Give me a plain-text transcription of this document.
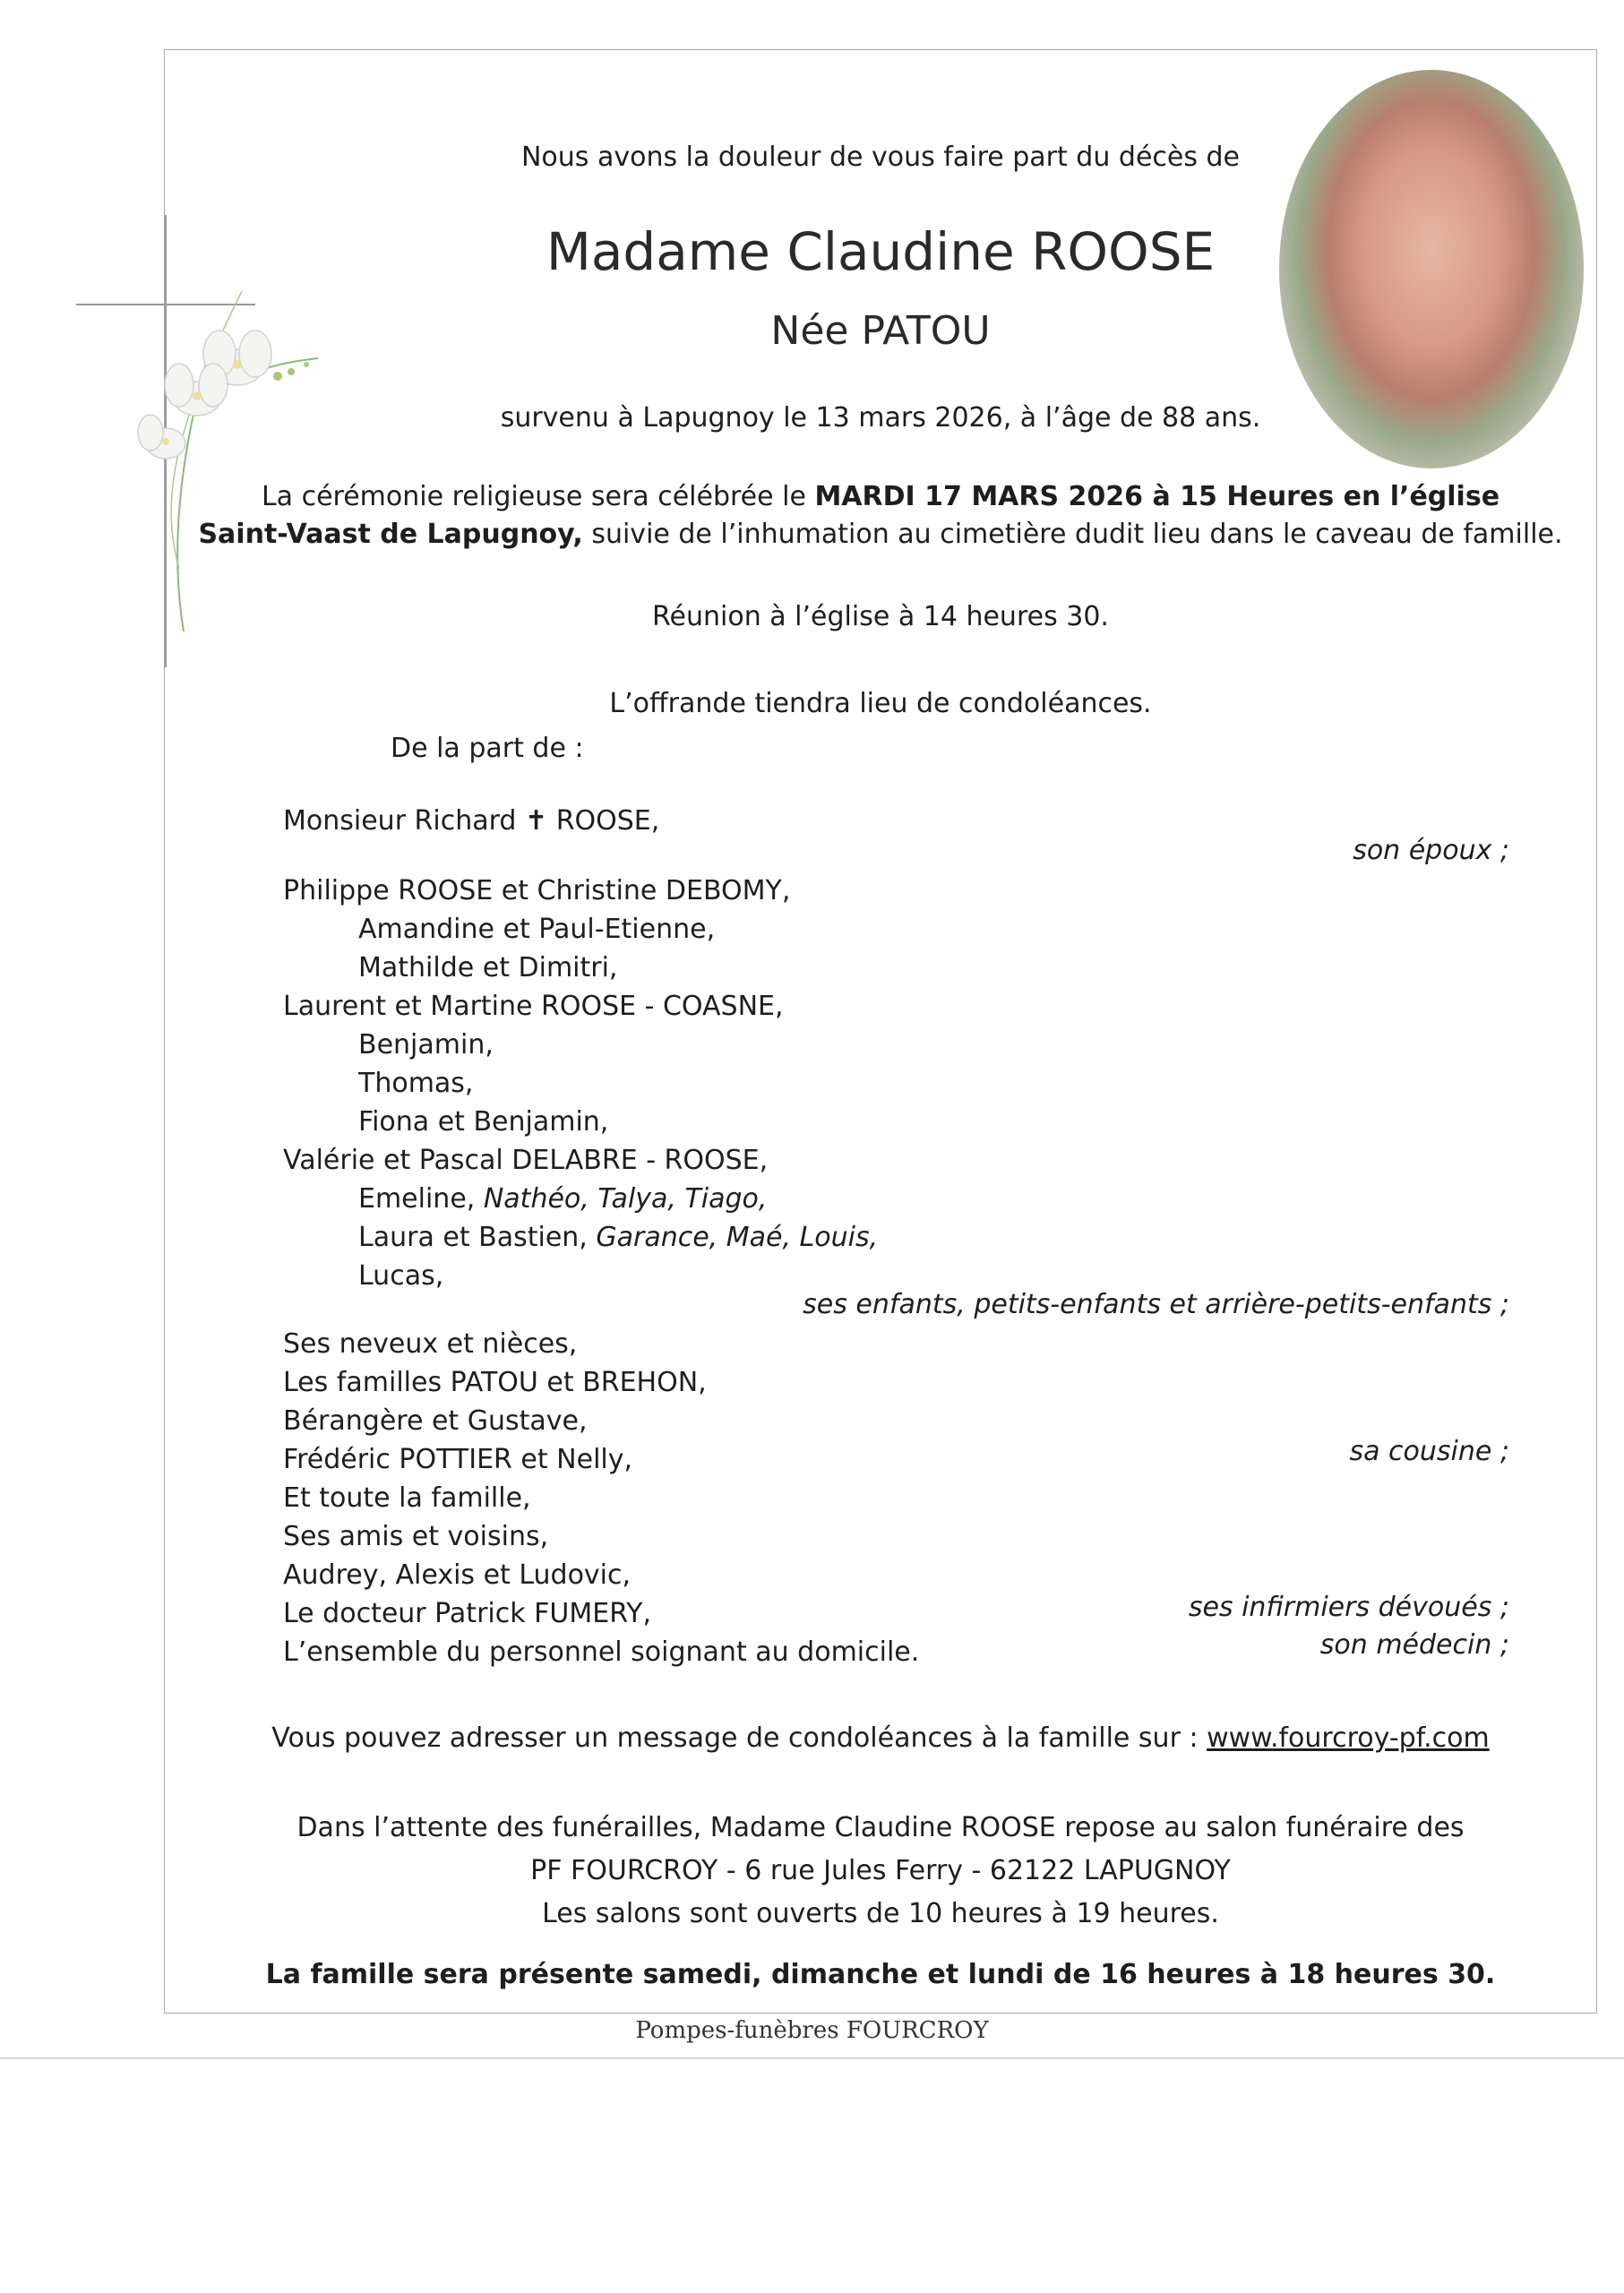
Nous avons la douleur de vous faire part du décès de

Madame Claudine ROOSE

Née PATOU

survenu à Lapugnoy le 13 mars 2026, à l’âge de 88 ans.

La cérémonie religieuse sera célébrée le MARDI 17 MARS 2026 à 15 Heures en l’église

Saint-Vaast de Lapugnoy, suivie de l’inhumation au cimetière dudit lieu dans le caveau de famille.

Réunion à l’église à 14 heures 30.

L’offrande tiendra lieu de condoléances.

De la part de :

Monsieur Richard ✝ ROOSE,

son époux ;

Philippe ROOSE et Christine DEBOMY,

Amandine et Paul-Etienne,

Mathilde et Dimitri,

Laurent et Martine ROOSE - COASNE,

Benjamin,

Thomas,

Fiona et Benjamin,

Valérie et Pascal DELABRE - ROOSE,

Emeline, Nathéo, Talya, Tiago,

Laura et Bastien, Garance, Maé, Louis,

Lucas,

ses enfants, petits-enfants et arrière-petits-enfants ;

Ses neveux et nièces,

Les familles PATOU et BREHON,

Bérangère et Gustave,

sa cousine ;

Frédéric POTTIER et Nelly,

Et toute la famille,

Ses amis et voisins,

Audrey, Alexis et Ludovic,

ses infirmiers dévoués ;

Le docteur Patrick FUMERY,

son médecin ;

L’ensemble du personnel soignant au domicile.

Vous pouvez adresser un message de condoléances à la famille sur : www.fourcroy-pf.com

Dans l’attente des funérailles, Madame Claudine ROOSE repose au salon funéraire des

PF FOURCROY - 6 rue Jules Ferry - 62122 LAPUGNOY

Les salons sont ouverts de 10 heures à 19 heures.

La famille sera présente samedi, dimanche et lundi de 16 heures à 18 heures 30.

Pompes-funèbres FOURCROY
